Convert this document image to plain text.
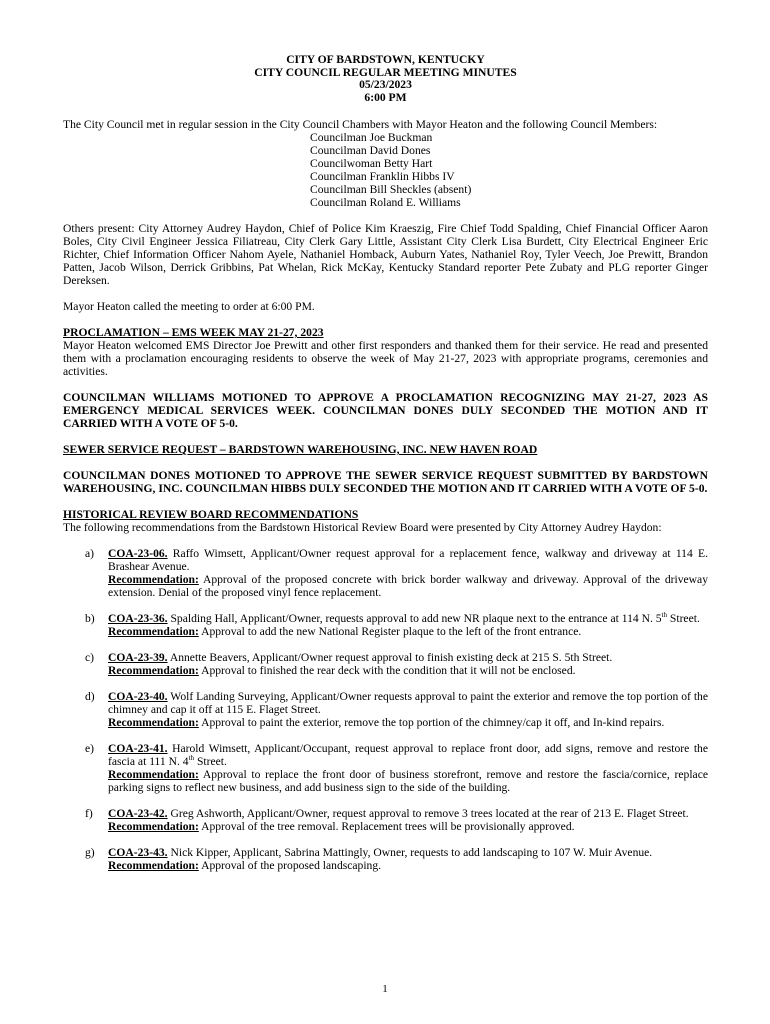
CITY OF BARDSTOWN, KENTUCKY
CITY COUNCIL REGULAR MEETING MINUTES
05/23/2023
6:00 PM

The City Council met in regular session in the City Council Chambers with Mayor Heaton and the following Council Members:

Councilman Joe Buckman
Councilman David Dones
Councilwoman Betty Hart
Councilman Franklin Hibbs IV
Councilman Bill Sheckles (absent)
Councilman Roland E. Williams

Others present: City Attorney Audrey Haydon, Chief of Police Kim Kraeszig, Fire Chief Todd Spalding, Chief Financial Officer Aaron Boles, City Civil Engineer Jessica Filiatreau, City Clerk Gary Little, Assistant City Clerk Lisa Burdett, City Electrical Engineer Eric Richter, Chief Information Officer Nahom Ayele, Nathaniel Homback, Auburn Yates, Nathaniel Roy, Tyler Veech, Joe Prewitt, Brandon Patten, Jacob Wilson, Derrick Gribbins, Pat Whelan, Rick McKay, Kentucky Standard reporter Pete Zubaty and PLG reporter Ginger Dereksen.

Mayor Heaton called the meeting to order at 6:00 PM.

PROCLAMATION – EMS WEEK MAY 21-27, 2023

Mayor Heaton welcomed EMS Director Joe Prewitt and other first responders and thanked them for their service. He read and presented them with a proclamation encouraging residents to observe the week of May 21-27, 2023 with appropriate programs, ceremonies and activities.

COUNCILMAN WILLIAMS MOTIONED TO APPROVE A PROCLAMATION RECOGNIZING MAY 21-27, 2023 AS EMERGENCY MEDICAL SERVICES WEEK. COUNCILMAN DONES DULY SECONDED THE MOTION AND IT CARRIED WITH A VOTE OF 5-0.

SEWER SERVICE REQUEST – BARDSTOWN WAREHOUSING, INC. NEW HAVEN ROAD

COUNCILMAN DONES MOTIONED TO APPROVE THE SEWER SERVICE REQUEST SUBMITTED BY BARDSTOWN WAREHOUSING, INC. COUNCILMAN HIBBS DULY SECONDED THE MOTION AND IT CARRIED WITH A VOTE OF 5-0.

HISTORICAL REVIEW BOARD RECOMMENDATIONS

The following recommendations from the Bardstown Historical Review Board were presented by City Attorney Audrey Haydon:

a) COA-23-06. Raffo Wimsett, Applicant/Owner request approval for a replacement fence, walkway and driveway at 114 E. Brashear Avenue.
Recommendation: Approval of the proposed concrete with brick border walkway and driveway. Approval of the driveway extension. Denial of the proposed vinyl fence replacement.
b) COA-23-36. Spalding Hall, Applicant/Owner, requests approval to add new NR plaque next to the entrance at 114 N. 5th Street.
Recommendation: Approval to add the new National Register plaque to the left of the front entrance.
c) COA-23-39. Annette Beavers, Applicant/Owner request approval to finish existing deck at 215 S. 5th Street.
Recommendation: Approval to finished the rear deck with the condition that it will not be enclosed.
d) COA-23-40. Wolf Landing Surveying, Applicant/Owner requests approval to paint the exterior and remove the top portion of the chimney and cap it off at 115 E. Flaget Street.
Recommendation: Approval to paint the exterior, remove the top portion of the chimney/cap it off, and In-kind repairs.
e) COA-23-41. Harold Wimsett, Applicant/Occupant, request approval to replace front door, add signs, remove and restore the fascia at 111 N. 4th Street.
Recommendation: Approval to replace the front door of business storefront, remove and restore the fascia/cornice, replace parking signs to reflect new business, and add business sign to the side of the building.
f) COA-23-42. Greg Ashworth, Applicant/Owner, request approval to remove 3 trees located at the rear of 213 E. Flaget Street.
Recommendation: Approval of the tree removal. Replacement trees will be provisionally approved.
g) COA-23-43. Nick Kipper, Applicant, Sabrina Mattingly, Owner, requests to add landscaping to 107 W. Muir Avenue.
Recommendation: Approval of the proposed landscaping.
1
